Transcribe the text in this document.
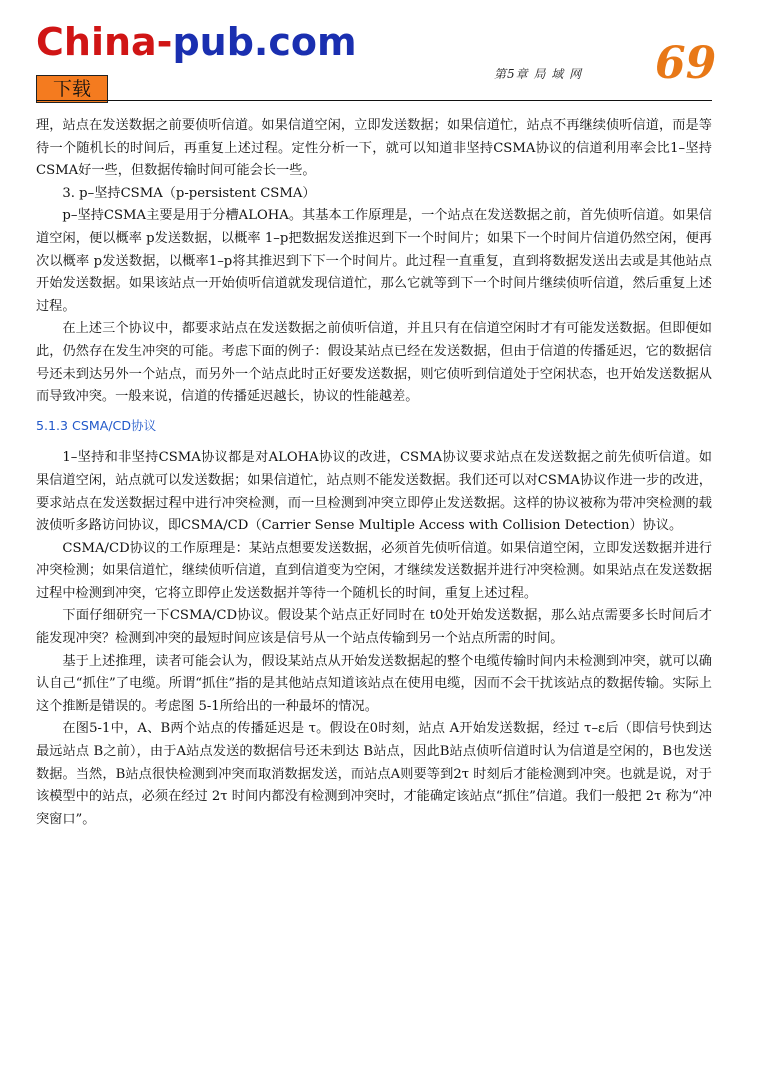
China-pub.com
下载
第5章 局 域 网 69

理，站点在发送数据之前要侦听信道。如果信道空闲，立即发送数据；如果信道忙，站点不再继续侦听信道，而是等待一个随机长的时间后，再重复上述过程。定性分析一下，就可以知道非坚持CSMA协议的信道利用率会比1–坚持CSMA好一些，但数据传输时间可能会长一些。

3. p–坚持CSMA（p-persistent CSMA）

p–坚持CSMA主要是用于分槽ALOHA。其基本工作原理是，一个站点在发送数据之前，首先侦听信道。如果信道空闲，便以概率 p发送数据，以概率 1–p把数据发送推迟到下一个时间片；如果下一个时间片信道仍然空闲，便再次以概率 p发送数据，以概率1–p将其推迟到下下一个时间片。此过程一直重复，直到将数据发送出去或是其他站点开始发送数据。如果该站点一开始侦听信道就发现信道忙，那么它就等到下一个时间片继续侦听信道，然后重复上述过程。

在上述三个协议中，都要求站点在发送数据之前侦听信道，并且只有在信道空闲时才有可能发送数据。但即便如此，仍然存在发生冲突的可能。考虑下面的例子：假设某站点已经在发送数据，但由于信道的传播延迟，它的数据信号还未到达另外一个站点，而另外一个站点此时正好要发送数据，则它侦听到信道处于空闲状态，也开始发送数据从而导致冲突。一般来说，信道的传播延迟越长，协议的性能越差。

5.1.3 CSMA/CD协议

1–坚持和非坚持CSMA协议都是对ALOHA协议的改进，CSMA协议要求站点在发送数据之前先侦听信道。如果信道空闲，站点就可以发送数据；如果信道忙，站点则不能发送数据。我们还可以对CSMA协议作进一步的改进，要求站点在发送数据过程中进行冲突检测，而一旦检测到冲突立即停止发送数据。这样的协议被称为带冲突检测的载波侦听多路访问协议，即CSMA/CD（Carrier Sense Multiple Access with Collision Detection）协议。

CSMA/CD协议的工作原理是：某站点想要发送数据，必须首先侦听信道。如果信道空闲，立即发送数据并进行冲突检测；如果信道忙，继续侦听信道，直到信道变为空闲，才继续发送数据并进行冲突检测。如果站点在发送数据过程中检测到冲突，它将立即停止发送数据并等待一个随机长的时间，重复上述过程。

下面仔细研究一下CSMA/CD协议。假设某个站点正好同时在 t0处开始发送数据，那么站点需要多长时间后才能发现冲突？检测到冲突的最短时间应该是信号从一个站点传输到另一个站点所需的时间。

基于上述推理，读者可能会认为，假设某站点从开始发送数据起的整个电缆传输时间内未检测到冲突，就可以确认自己“抓住”了电缆。所谓“抓住”指的是其他站点知道该站点在使用电缆，因而不会干扰该站点的数据传输。实际上这个推断是错误的。考虑图 5-1所给出的一种最坏的情况。

在图5-1中，A、B两个站点的传播延迟是 τ。假设在0时刻，站点 A开始发送数据，经过 τ–ε后（即信号快到达最远站点 B之前），由于A站点发送的数据信号还未到达 B站点，因此B站点侦听信道时认为信道是空闲的，B也发送数据。当然，B站点很快检测到冲突而取消数据发送，而站点A则要等到2τ 时刻后才能检测到冲突。也就是说，对于该模型中的站点，必须在经过 2τ 时间内都没有检测到冲突时，才能确定该站点“抓住”信道。我们一般把 2τ 称为“冲突窗口”。
